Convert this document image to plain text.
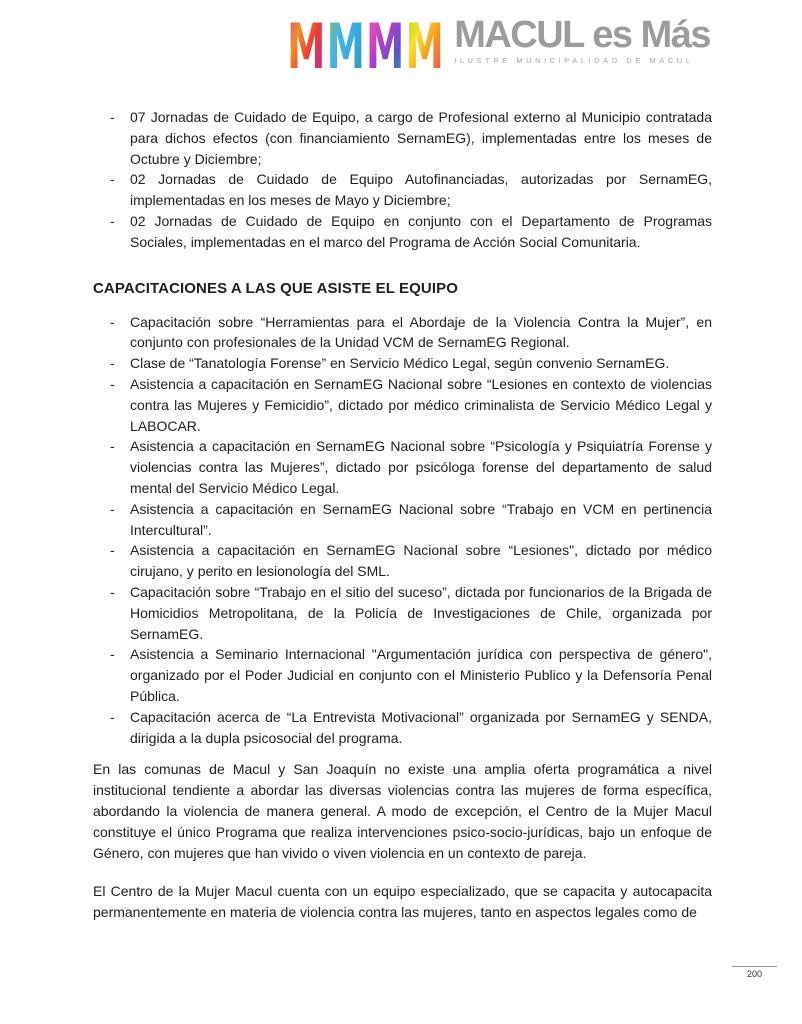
M M M M MACUL es Más
ILUSTRE MUNICIPALIDAD DE MACUL
-	07 Jornadas de Cuidado de Equipo, a cargo de Profesional externo al Municipio contratada para dichos efectos (con financiamiento SernamEG), implementadas entre los meses de Octubre y Diciembre;
-	02 Jornadas de Cuidado de Equipo Autofinanciadas, autorizadas por SernamEG, implementadas en los meses de Mayo y Diciembre;
-	02 Jornadas de Cuidado de Equipo en conjunto con el Departamento de Programas Sociales, implementadas en el marco del Programa de Acción Social Comunitaria.
CAPACITACIONES A LAS QUE ASISTE EL EQUIPO
-	Capacitación sobre “Herramientas para el Abordaje de la Violencia Contra la Mujer”, en conjunto con profesionales de la Unidad VCM de SernamEG Regional.
-	Clase de “Tanatología Forense” en Servicio Médico Legal, según convenio SernamEG.
-	Asistencia a capacitación en SernamEG Nacional sobre “Lesiones en contexto de violencias contra las Mujeres y Femicidio”, dictado por médico criminalista de Servicio Médico Legal y LABOCAR.
-	Asistencia a capacitación en SernamEG Nacional sobre “Psicología y Psiquiatría Forense y violencias contra las Mujeres”, dictado por psicóloga forense del departamento de salud mental del Servicio Médico Legal.
-	Asistencia a capacitación en SernamEG Nacional sobre “Trabajo en VCM en pertinencia Intercultural”.
-	Asistencia a capacitación en SernamEG Nacional sobre “Lesiones", dictado por médico cirujano, y perito en lesionología del SML.
-	Capacitación sobre “Trabajo en el sitio del suceso”, dictada por funcionarios de la Brigada de Homicidios Metropolitana, de la Policía de Investigaciones de Chile, organizada por SernamEG.
-	Asistencia a Seminario Internacional "Argumentación jurídica con perspectiva de género", organizado por el Poder Judicial en conjunto con el Ministerio Publico y la Defensoría Penal Pública.
-	Capacitación acerca de “La Entrevista Motivacional” organizada por SernamEG y SENDA, dirigida a la dupla psicosocial del programa.

En las comunas de Macul y San Joaquín no existe una amplia oferta programática a nivel institucional tendiente a abordar las diversas violencias contra las mujeres de forma específica, abordando la violencia de manera general. A modo de excepción, el Centro de la Mujer Macul constituye el único Programa que realiza intervenciones psico-socio-jurídicas, bajo un enfoque de Género, con mujeres que han vivido o viven violencia en un contexto de pareja.

El Centro de la Mujer Macul cuenta con un equipo especializado, que se capacita y autocapacita permanentemente en materia de violencia contra las mujeres, tanto en aspectos legales como de

200
